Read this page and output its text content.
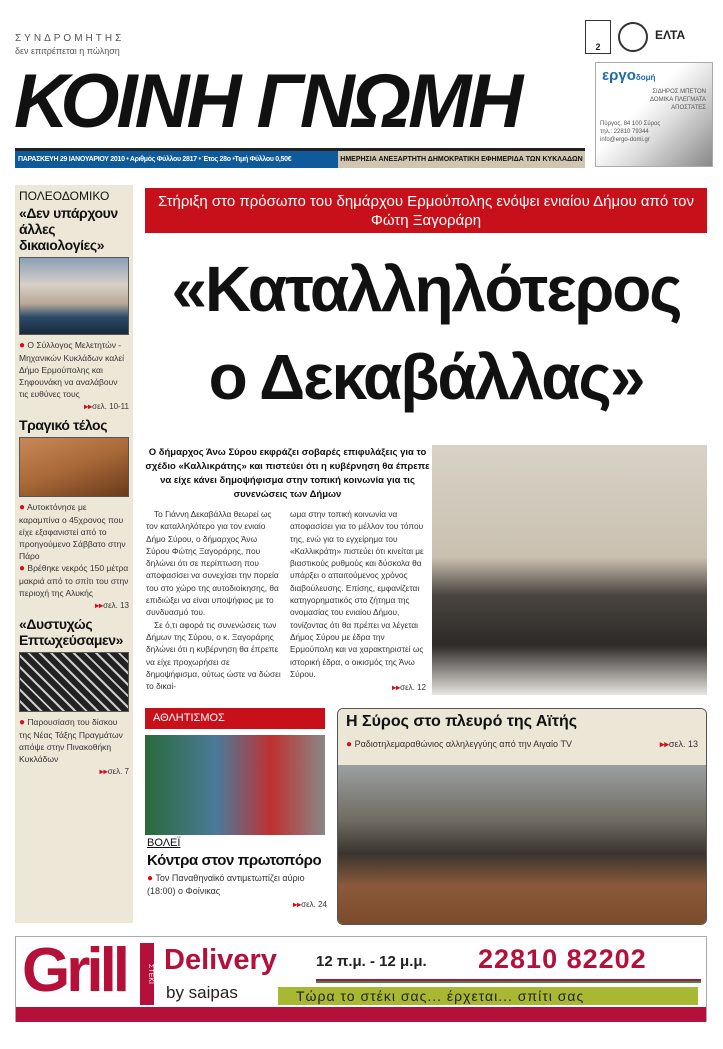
ΣΥΝΔΡΟΜΗΤΗΣ
δεν επιτρέπεται η πώληση
ΚΟΙΝΗ ΓΝΩΜΗ
ΠΑΡΑΣΚΕΥΗ 29 ΙΑΝΟΥΑΡΙΟΥ 2010 • Αριθμός Φύλλου 2817 • Έτος 28ο •Τιμή Φύλλου 0,50€	ΗΜΕΡΗΣΙΑ ΑΝΕΞΑΡΤΗΤΗ ΔΗΜΟΚΡΑΤΙΚΗ ΕΦΗΜΕΡΙΔΑ ΤΩΝ ΚΥΚΛΑΔΩΝ
2
ΕΛΤΑ
εργοδομή
ΣΙΔΗΡΟΣ ΜΠΕΤΟΝ
ΔΟΜΙΚΑ ΠΛΕΓΜΑΤΑ
ΑΠΟΣΤΑΤΕΣ
Πύργος, 84 100 Σύρος
τηλ.: 22810 79344
info@ergo-domi.gr
ΠΟΛΕΟΔΟΜΙΚΟ
«Δεν υπάρχουν άλλες δικαιολογίες»
● Ο Σύλλογος Μελετητών - Μηχανικών Κυκλάδων καλεί Δήμο Ερμούπολης και Σηφουνάκη να αναλάβουν τις ευθύνες τους
▸▸σελ. 10-11
Τραγικό τέλος
● Αυτοκτόνησε με καραμπίνα ο 45χρονος που είχε εξαφανιστεί από το προηγούμενο Σάββατο στην Πάρο
● Βρέθηκε νεκρός 150 μέτρα μακριά από το σπίτι του στην περιοχή της Αλυκής
▸▸σελ. 13
«Δυστυχώς Επτωχεύσαμεν»
● Παρουσίαση του δίσκου της Νέας Τάξης Πραγμάτων απόψε στην Πινακοθήκη Κυκλάδων
▸▸σελ. 7
Στήριξη στο πρόσωπο του δημάρχου Ερμούπολης ενόψει ενιαίου Δήμου από τον Φώτη Ξαγοράρη
«Καταλληλότερος
ο Δεκαβάλλας»
Ο δήμαρχος Άνω Σύρου εκφράζει σοβαρές επιφυλάξεις για το σχέδιο «Καλλικράτης» και πιστεύει ότι η κυβέρνηση θα έπρεπε να είχε κάνει δημοψήφισμα στην τοπική κοινωνία για τις συνενώσεις των Δήμων

Το Γιάννη Δεκαβάλλα θεωρεί ως τον καταλληλότερο για τον ενιαίο Δήμο Σύρου, ο δήμαρχος Άνω Σύρου Φώτης Ξαγοράρης, που δηλώνει ότι σε περίπτωση που αποφασίσει να συνεχίσει την πορεία του στο χώρο της αυτοδιοίκησης, θα επιδιώξει να είναι υποψήφιος με το συνδυασμό του.

Σε ό,τι αφορά τις συνενώσεις των Δήμων της Σύρου, ο κ. Ξαγοράρης δηλώνει ότι η κυβέρνηση θα έπρεπε να είχε προχωρήσει σε δημοψήφισμα, ούτως ώστε να δώσει το δικαί-

ωμα στην τοπική κοινωνία να αποφασίσει για το μέλλον του τόπου της, ενώ για το εγχείρημα του «Καλλικράτη» πιστεύει ότι κινείται με βιαστικούς ρυθμούς και δύσκολα θα υπάρξει ο απαιτούμενος χρόνος διαβούλευσης. Επίσης, εμφανίζεται κατηγορηματικός στο ζήτημα της ονομασίας του ενιαίου Δήμου, τονίζοντας ότι θα πρέπει να λέγεται Δήμος Σύρου με έδρα την Ερμούπολη και να χαρακτηριστεί ως ιστορική έδρα, ο οικισμός της Άνω Σύρου.

▸▸σελ. 12
ΑΘΛΗΤΙΣΜΟΣ
ΒΟΛΕΪ
Κόντρα στον πρωτοπόρο
● Τον Παναθηναϊκό αντιμετωπίζει αύριο (18:00) ο Φοίνικας
▸▸σελ. 24
Η Σύρος στο πλευρό της Αϊτής
● Ραδιοτηλεμαραθώνιος αλληλεγγύης από την Αιγαίο TV	▸▸σελ. 13
Grill	ΣΤΕΚΙ Delivery
by saipas
12 π.μ. - 12 μ.μ. 22810 82202
Τώρα το στέκι σας... έρχεται... σπίτι σας
